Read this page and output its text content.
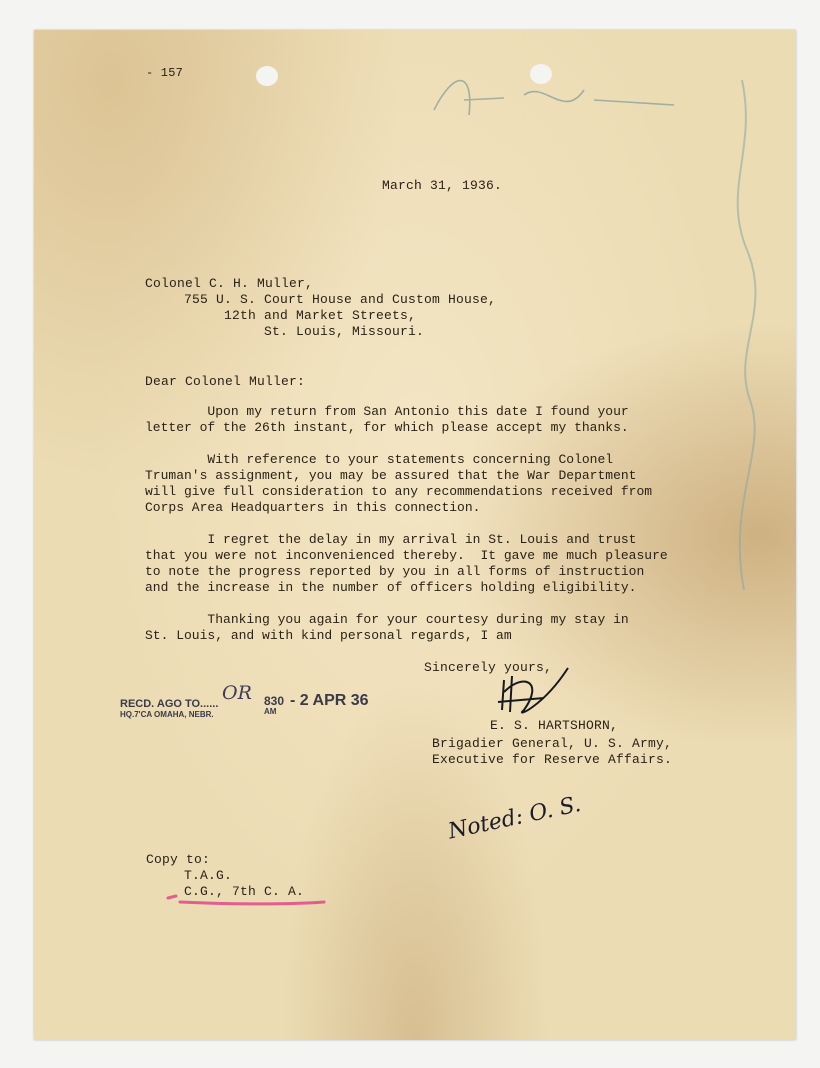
- 157
March 31, 1936.
Colonel C. H. Muller,
755 U. S. Court House and Custom House,
12th and Market Streets,
St. Louis, Missouri.
Dear Colonel Muller:
Upon my return from San Antonio this date I found your
letter of the 26th instant, for which please accept my thanks.
With reference to your statements concerning Colonel
Truman's assignment, you may be assured that the War Department
will give full consideration to any recommendations received from
Corps Area Headquarters in this connection.
I regret the delay in my arrival in St. Louis and trust
that you were not inconvenienced thereby.  It gave me much pleasure
to note the progress reported by you in all forms of instruction
and the increase in the number of officers holding eligibility.
Thanking you again for your courtesy during my stay in
St. Louis, and with kind personal regards, I am
Sincerely yours,
E. S. HARTSHORN,
Brigadier General, U. S. Army,
Executive for Reserve Affairs.
RECD. AGO TO......
HQ.7'CA OMAHA, NEBR.
OR 830
AM
- 2 APR 36
Noted: O. S.
Copy to:
T.A.G.
C.G., 7th C. A.
